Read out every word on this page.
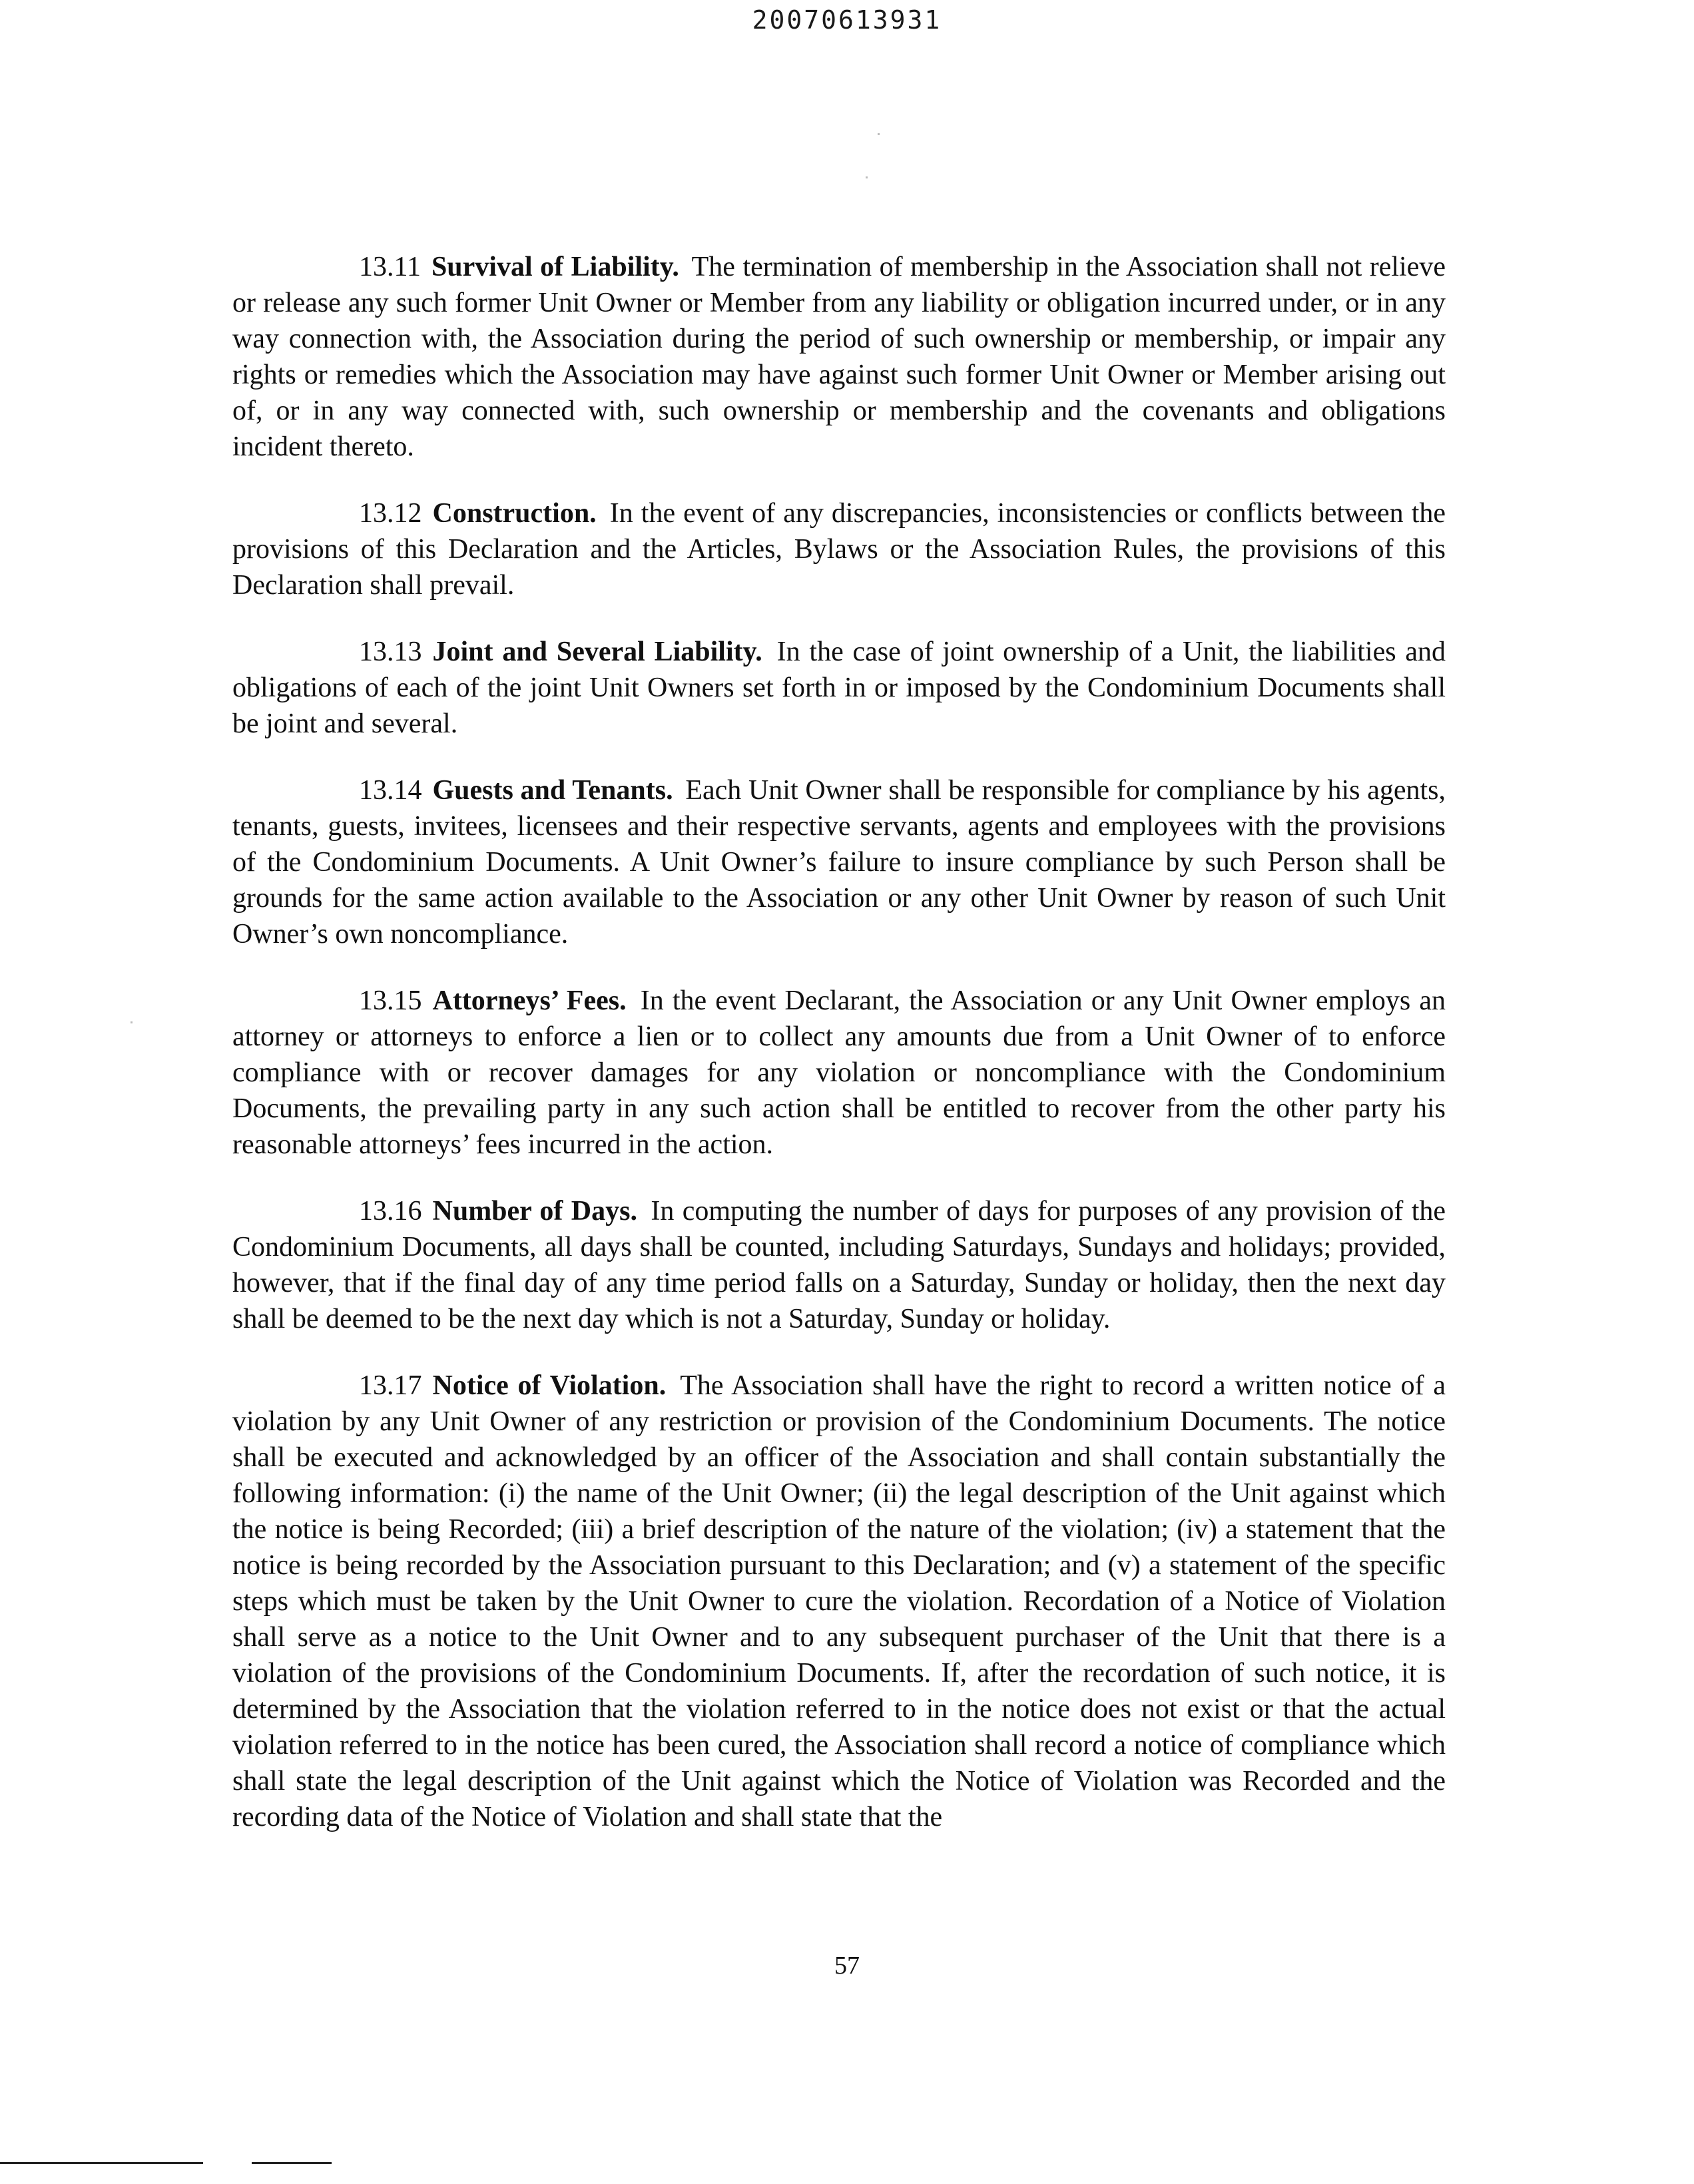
20070613931

13.11 Survival of Liability. The termination of membership in the Association shall not relieve or release any such former Unit Owner or Member from any liability or obligation incurred under, or in any way connection with, the Association during the period of such ownership or membership, or impair any rights or remedies which the Association may have against such former Unit Owner or Member arising out of, or in any way connected with, such ownership or membership and the covenants and obligations incident thereto.

13.12 Construction. In the event of any discrepancies, inconsistencies or conflicts between the provisions of this Declaration and the Articles, Bylaws or the Association Rules, the provisions of this Declaration shall prevail.

13.13 Joint and Several Liability. In the case of joint ownership of a Unit, the liabilities and obligations of each of the joint Unit Owners set forth in or imposed by the Condominium Documents shall be joint and several.

13.14 Guests and Tenants. Each Unit Owner shall be responsible for compliance by his agents, tenants, guests, invitees, licensees and their respective servants, agents and employees with the provisions of the Condominium Documents. A Unit Owner’s failure to insure compliance by such Person shall be grounds for the same action available to the Association or any other Unit Owner by reason of such Unit Owner’s own noncompliance.

13.15 Attorneys’ Fees. In the event Declarant, the Association or any Unit Owner employs an attorney or attorneys to enforce a lien or to collect any amounts due from a Unit Owner of to enforce compliance with or recover damages for any violation or noncompliance with the Condominium Documents, the prevailing party in any such action shall be entitled to recover from the other party his reasonable attorneys’ fees incurred in the action.

13.16 Number of Days. In computing the number of days for purposes of any provision of the Condominium Documents, all days shall be counted, including Saturdays, Sundays and holidays; provided, however, that if the final day of any time period falls on a Saturday, Sunday or holiday, then the next day shall be deemed to be the next day which is not a Saturday, Sunday or holiday.

13.17 Notice of Violation. The Association shall have the right to record a written notice of a violation by any Unit Owner of any restriction or provision of the Condominium Documents. The notice shall be executed and acknowledged by an officer of the Association and shall contain substantially the following information: (i) the name of the Unit Owner; (ii) the legal description of the Unit against which the notice is being Recorded; (iii) a brief description of the nature of the violation; (iv) a statement that the notice is being recorded by the Association pursuant to this Declaration; and (v) a statement of the specific steps which must be taken by the Unit Owner to cure the violation. Recordation of a Notice of Violation shall serve as a notice to the Unit Owner and to any subsequent purchaser of the Unit that there is a violation of the provisions of the Condominium Documents. If, after the recordation of such notice, it is determined by the Association that the violation referred to in the notice does not exist or that the actual violation referred to in the notice has been cured, the Association shall record a notice of compliance which shall state the legal description of the Unit against which the Notice of Violation was Recorded and the recording data of the Notice of Violation and shall state that the

57
